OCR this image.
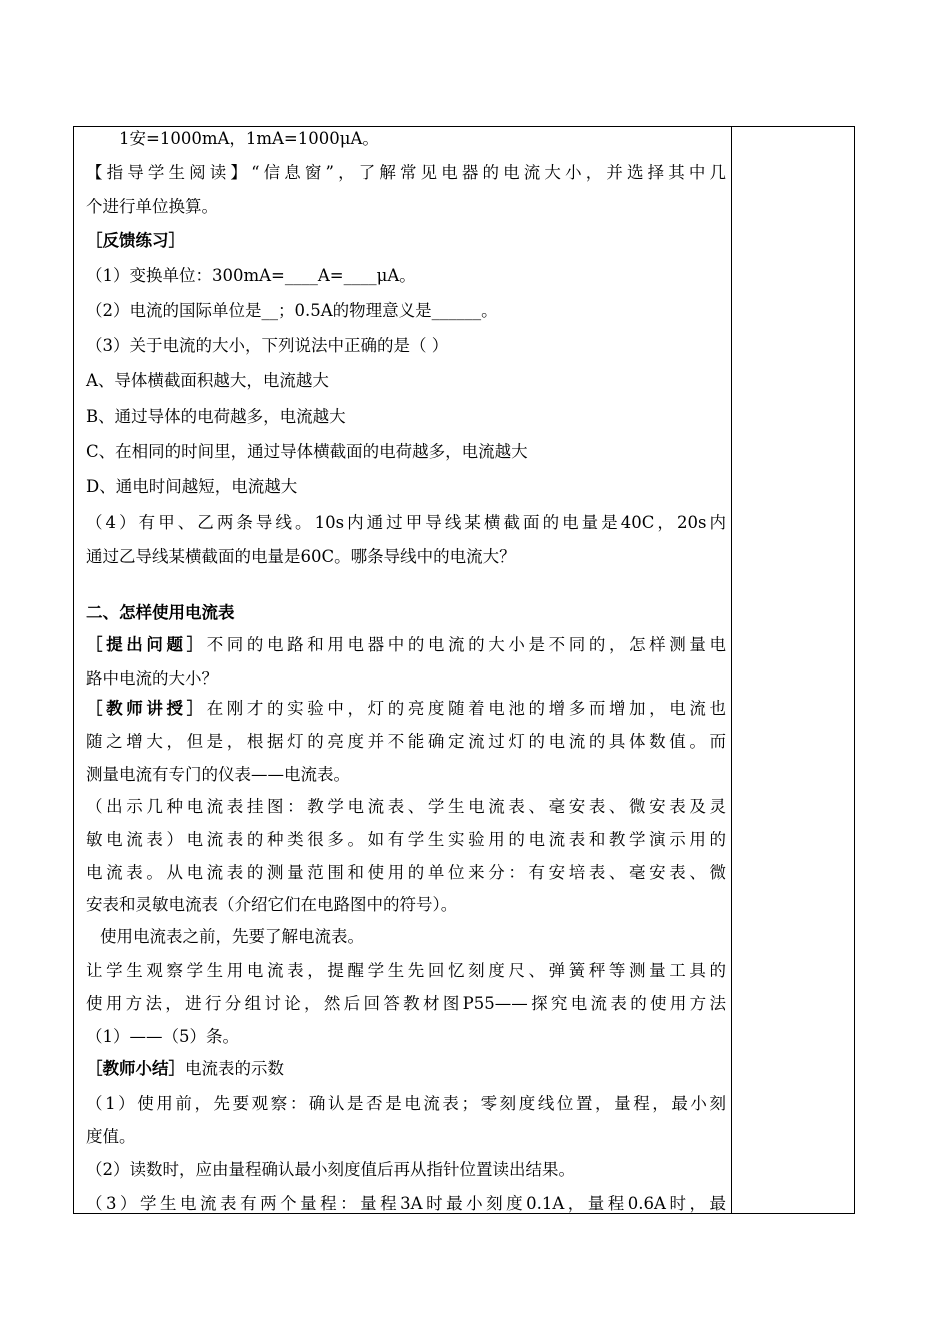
　　1安=1000mA，1mA=1000μA。
【指导学生阅读】“信息窗”，了解常见电器的电流大小，并选择其中几
个进行单位换算。
［反馈练习］
（1）变换单位：300mA=____A=____μA。
（2）电流的国际单位是__；0.5A的物理意义是______。
（3）关于电流的大小，下列说法中正确的是（ ）
A、导体横截面积越大，电流越大
B、通过导体的电荷越多，电流越大
C、在相同的时间里，通过导体横截面的电荷越多，电流越大
D、通电时间越短，电流越大
（4）有甲、乙两条导线。10s内通过甲导线某横截面的电量是40C，20s内
通过乙导线某横截面的电量是60C。哪条导线中的电流大？
二、怎样使用电流表
［提出问题］不同的电路和用电器中的电流的大小是不同的，怎样测量电
路中电流的大小？
［教师讲授］在刚才的实验中，灯的亮度随着电池的增多而增加，电流也
随之增大，但是，根据灯的亮度并不能确定流过灯的电流的具体数值。而
测量电流有专门的仪表——电流表。
（出示几种电流表挂图：教学电流表、学生电流表、毫安表、微安表及灵
敏电流表）电流表的种类很多。如有学生实验用的电流表和教学演示用的
电流表。从电流表的测量范围和使用的单位来分：有安培表、毫安表、微
安表和灵敏电流表（介绍它们在电路图中的符号）。
使用电流表之前，先要了解电流表。
让学生观察学生用电流表，提醒学生先回忆刻度尺、弹簧秤等测量工具的
使用方法，进行分组讨论，然后回答教材图P55——探究电流表的使用方法
（1）——（5）条。
［教师小结］电流表的示数
（1）使用前，先要观察：确认是否是电流表；零刻度线位置，量程，最小刻
度值。
（2）读数时，应由量程确认最小刻度值后再从指针位置读出结果。
（3）学生电流表有两个量程：量程3A时最小刻度0.1A，量程0.6A时，最
